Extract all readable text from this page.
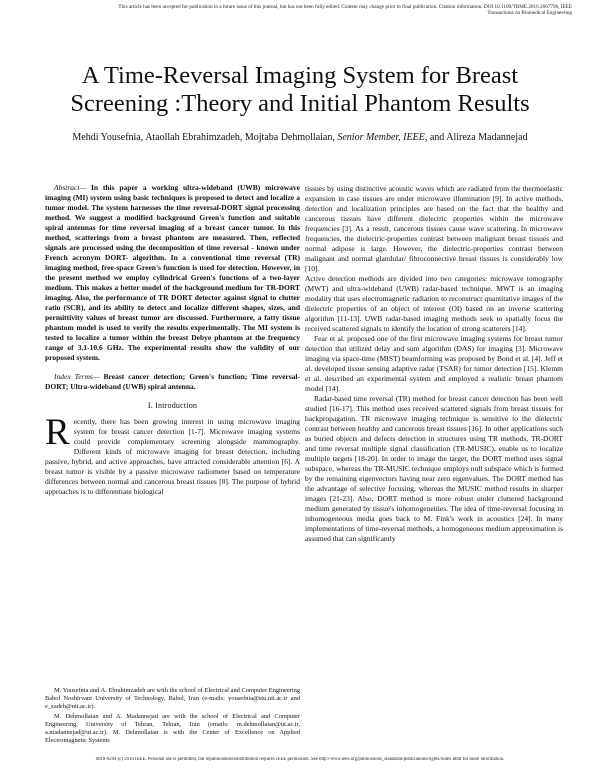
This article has been accepted for publication in a future issue of this journal, but has not been fully edited. Content may change prior to final publication. Citation information: DOI 10.1109/TBME.2016.2667796, IEEE
Transactions on Biomedical Engineering
A Time-Reversal Imaging System for Breast Screening :Theory and Initial Phantom Results
Mehdi Yousefnia, Ataollah Ebrahimzadeh, Mojtaba Dehmollaian, Senior Member, IEEE, and Alireza Madannejad

Abstract— In this paper a working ultra-wideband (UWB) microwave imaging (MI) system using basic techniques is proposed to detect and localize a tumor model. The system harnesses the time reversal-DORT signal processing method. We suggest a modified background Green's function and suitable spiral antennas for time reversal imaging of a breast cancer tumor. In this method, scatterings from a breast phantom are measured. Then, reflected signals are processed using the decomposition of time reversal - known under French acronym DORT- algorithm. In a conventional time reversal (TR) imaging method, free-space Green's function is used for detection. However, in the present method we employ cylindrical Green's functions of a two-layer medium. This makes a better model of the background medium for TR-DORT imaging. Also, the performance of TR DORT detector against signal to clutter ratio (SCR), and its ability to detect and localize different shapes, sizes, and permittivity values of breast tumor are discussed. Furthermore, a fatty tissue phantom model is used to verify the results experimentally. The MI system is tested to localize a tumor within the breast Debye phantom at the frequency range of 3.1-10.6 GHz. The experimental results show the validity of our proposed system.

Index Terms— Breast cancer detection; Green's function; Time reversal-DORT; Ultra-wideband (UWB) spiral antenna.

I. Introduction

Recently, there has been growing interest in using microwave imaging system for breast cancer detection [1-7]. Microwave imaging systems could provide complementary screening alongside mammography. Different kinds of microwave imaging for breast detection, including passive, hybrid, and active approaches, have attracted considerable attention [6]. A breast tumor is visible by a passive microwave radiometer based on temperature differences between normal and cancerous breast tissues [8]. The purpose of hybrid approaches is to differentiate biological

M. Yousefnia and A. Ebrahimzadeh are with the school of Electrical and Computer Engineering Babol Noshirvani University of Technology, Babol, Iran (e-mails: yousefnia@stu.nit.ac.ir and e_zadeh@nit.ac.ir).

M. Dehmollaian and A. Madannejad are with the school of Electrical and Computer Engineering, University of Tehran, Tehran, Iran (emails: m.dehmollaian@ut.ac.ir, a.madannejad@ut.ac.ir). M. Dehmollaian is with the Center of Excellence on Applied Electromagnetic Systems

tissues by using distinctive acoustic waves which are radiated from the thermoelastic expansion in case tissues are under microwave illumination [9]. In active methods, detection and localization principles are based on the fact that the healthy and cancerous tissues have different dielectric properties within the microwave frequencies [3]. As a result, cancerous tissues cause wave scattering. In microwave frequencies, the dielectric-properties contrast between malignant breast tissues and normal adipose is large. However, the dielectric-properties contrast between malignant and normal glandular/ fibroconnective breast tissues is considerably low [10].

Active detection methods are divided into two categories: microwave tomography (MWT) and ultra-wideband (UWB) radar-based technique. MWT is an imaging modality that uses electromagnetic radiation to reconstruct quantitative images of the dielectric properties of an object of interest (OI) based on an inverse scattering algorithm [11-13]. UWB radar-based imaging methods seek to spatially focus the received scattered signals to identify the location of strong scatterers [14].

Fear et al. proposed one of the first microwave imaging systems for breast tumor detection that utilized delay and sum algorithm (DAS) for imaging [3]. Microwave imaging via space-time (MIST) beamforming was proposed by Bond et al. [4]. Jeff et al. developed tissue sensing adaptive radar (TSAR) for tumor detection [15]. Klemm et al. described an experimental system and employed a realistic breast phantom model [14].

Radar-based time reversal (TR) method for breast cancer detection has been well studied [16-17]. This method uses received scattered signals from breast tissues for backpropagation. TR microwave imaging technique is sensitive to the dielectric contrast between healthy and cancerous breast tissues [16]. In other applications such as buried objects and defects detection in structures using TR methods, TR-DORT and time reversal multiple signal classification (TR-MUSIC), enable us to localize multiple targets [18-20]. In order to image the target, the DORT method uses signal subspace, whereas the TR-MUSIC technique employs null subspace which is formed by the remaining eigenvectors having near zero eigenvalues. The DORT method has the advantage of selective focusing, whereas the MUSIC method results in sharper images [21-23]. Also, DORT method is more robust under cluttered background medium generated by tissue's inhomogeneities. The idea of time-reversal focusing in inhomogeneous media goes back to M. Fink's work in acoustics [24]. In many implementations of time-reversal methods, a homogeneous medium approximation is assumed that can significantly

0018-9294 (c) 2016 IEEE. Personal use is permitted, but republication/redistribution requires IEEE permission. See http://www.ieee.org/publications_standards/publications/rights/index.html for more information.
